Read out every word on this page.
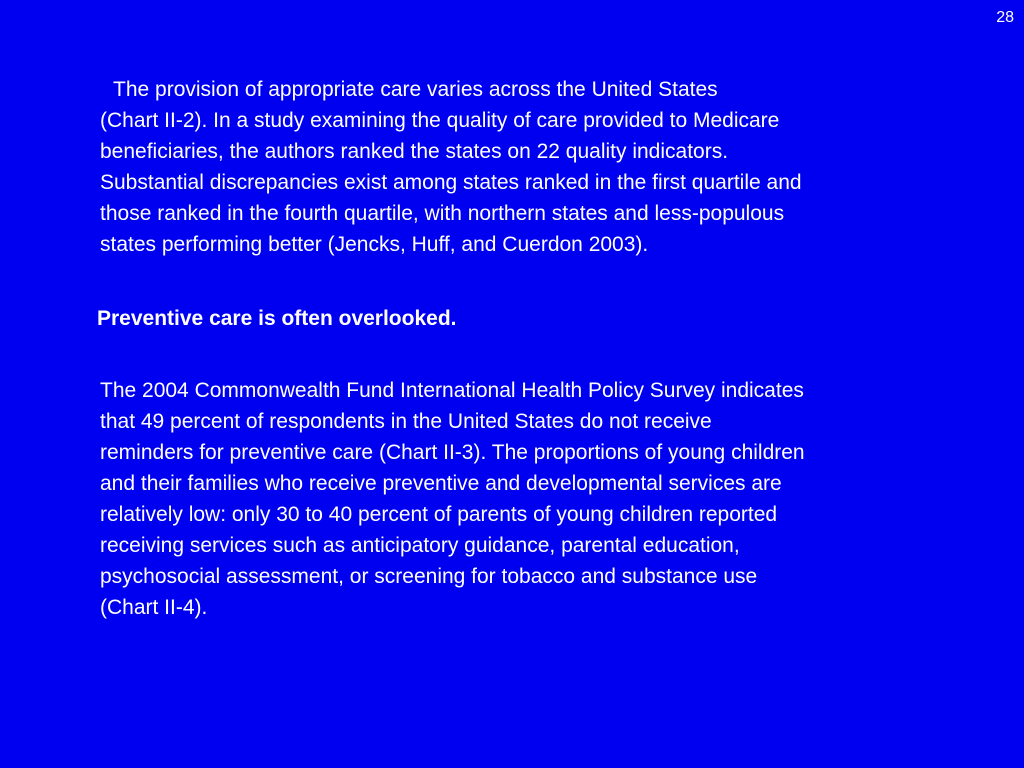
28
The provision of appropriate care varies across the United States
(Chart II-2). In a study examining the quality of care provided to Medicare
beneficiaries, the authors ranked the states on 22 quality indicators.
Substantial discrepancies exist among states ranked in the first quartile and
those ranked in the fourth quartile, with northern states and less-populous
states performing better (Jencks, Huff, and Cuerdon 2003).
Preventive care is often overlooked.
The 2004 Commonwealth Fund International Health Policy Survey indicates
that 49 percent of respondents in the United States do not receive
reminders for preventive care (Chart II-3). The proportions of young children
and their families who receive preventive and developmental services are
relatively low: only 30 to 40 percent of parents of young children reported
receiving services such as anticipatory guidance, parental education,
psychosocial assessment, or screening for tobacco and substance use
(Chart II-4).
